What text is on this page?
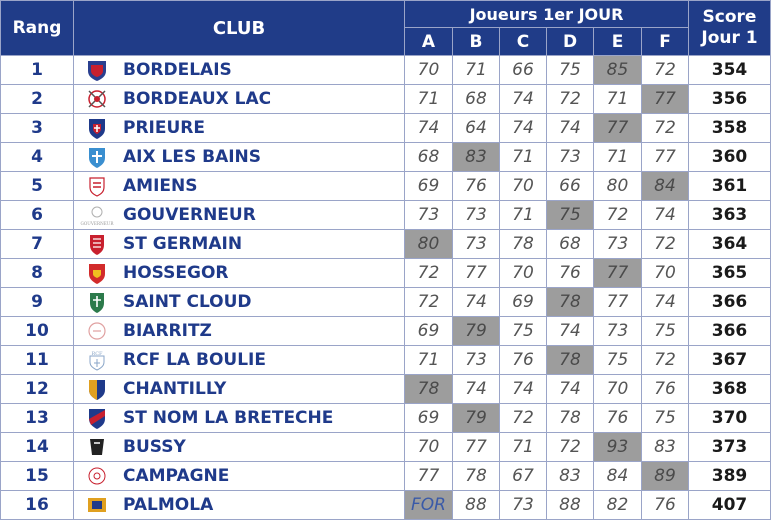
Rang	CLUB	Joueurs 1er JOUR						Score
Jour 1

		A	B	C	D	E	F	
1	BORDELAIS	70	71	66	75	85	72	354
2	BORDEAUX LAC	71	68	74	72	71	77	356
3	PRIEURE	74	64	74	74	77	72	358
4	AIX LES BAINS	68	83	71	73	71	77	360
5	AMIENS	69	76	70	66	80	84	361
6	GOUVERNEUR GOUVERNEUR	73	73	71	75	72	74	363
7	ST GERMAIN	80	73	78	68	73	72	364
8	HOSSEGOR	72	77	70	76	77	70	365
9	SAINT CLOUD	72	74	69	78	77	74	366
10	BIARRITZ	69	79	75	74	73	75	366
11	RCF RCF LA BOULIE	71	73	76	78	75	72	367
12	CHANTILLY	78	74	74	74	70	76	368
13	ST NOM LA BRETECHE	69	79	72	78	76	75	370
14	BUSSY	70	77	71	72	93	83	373
15	CAMPAGNE	77	78	67	83	84	89	389
16	PALMOLA	FOR	88	73	88	82	76	407
